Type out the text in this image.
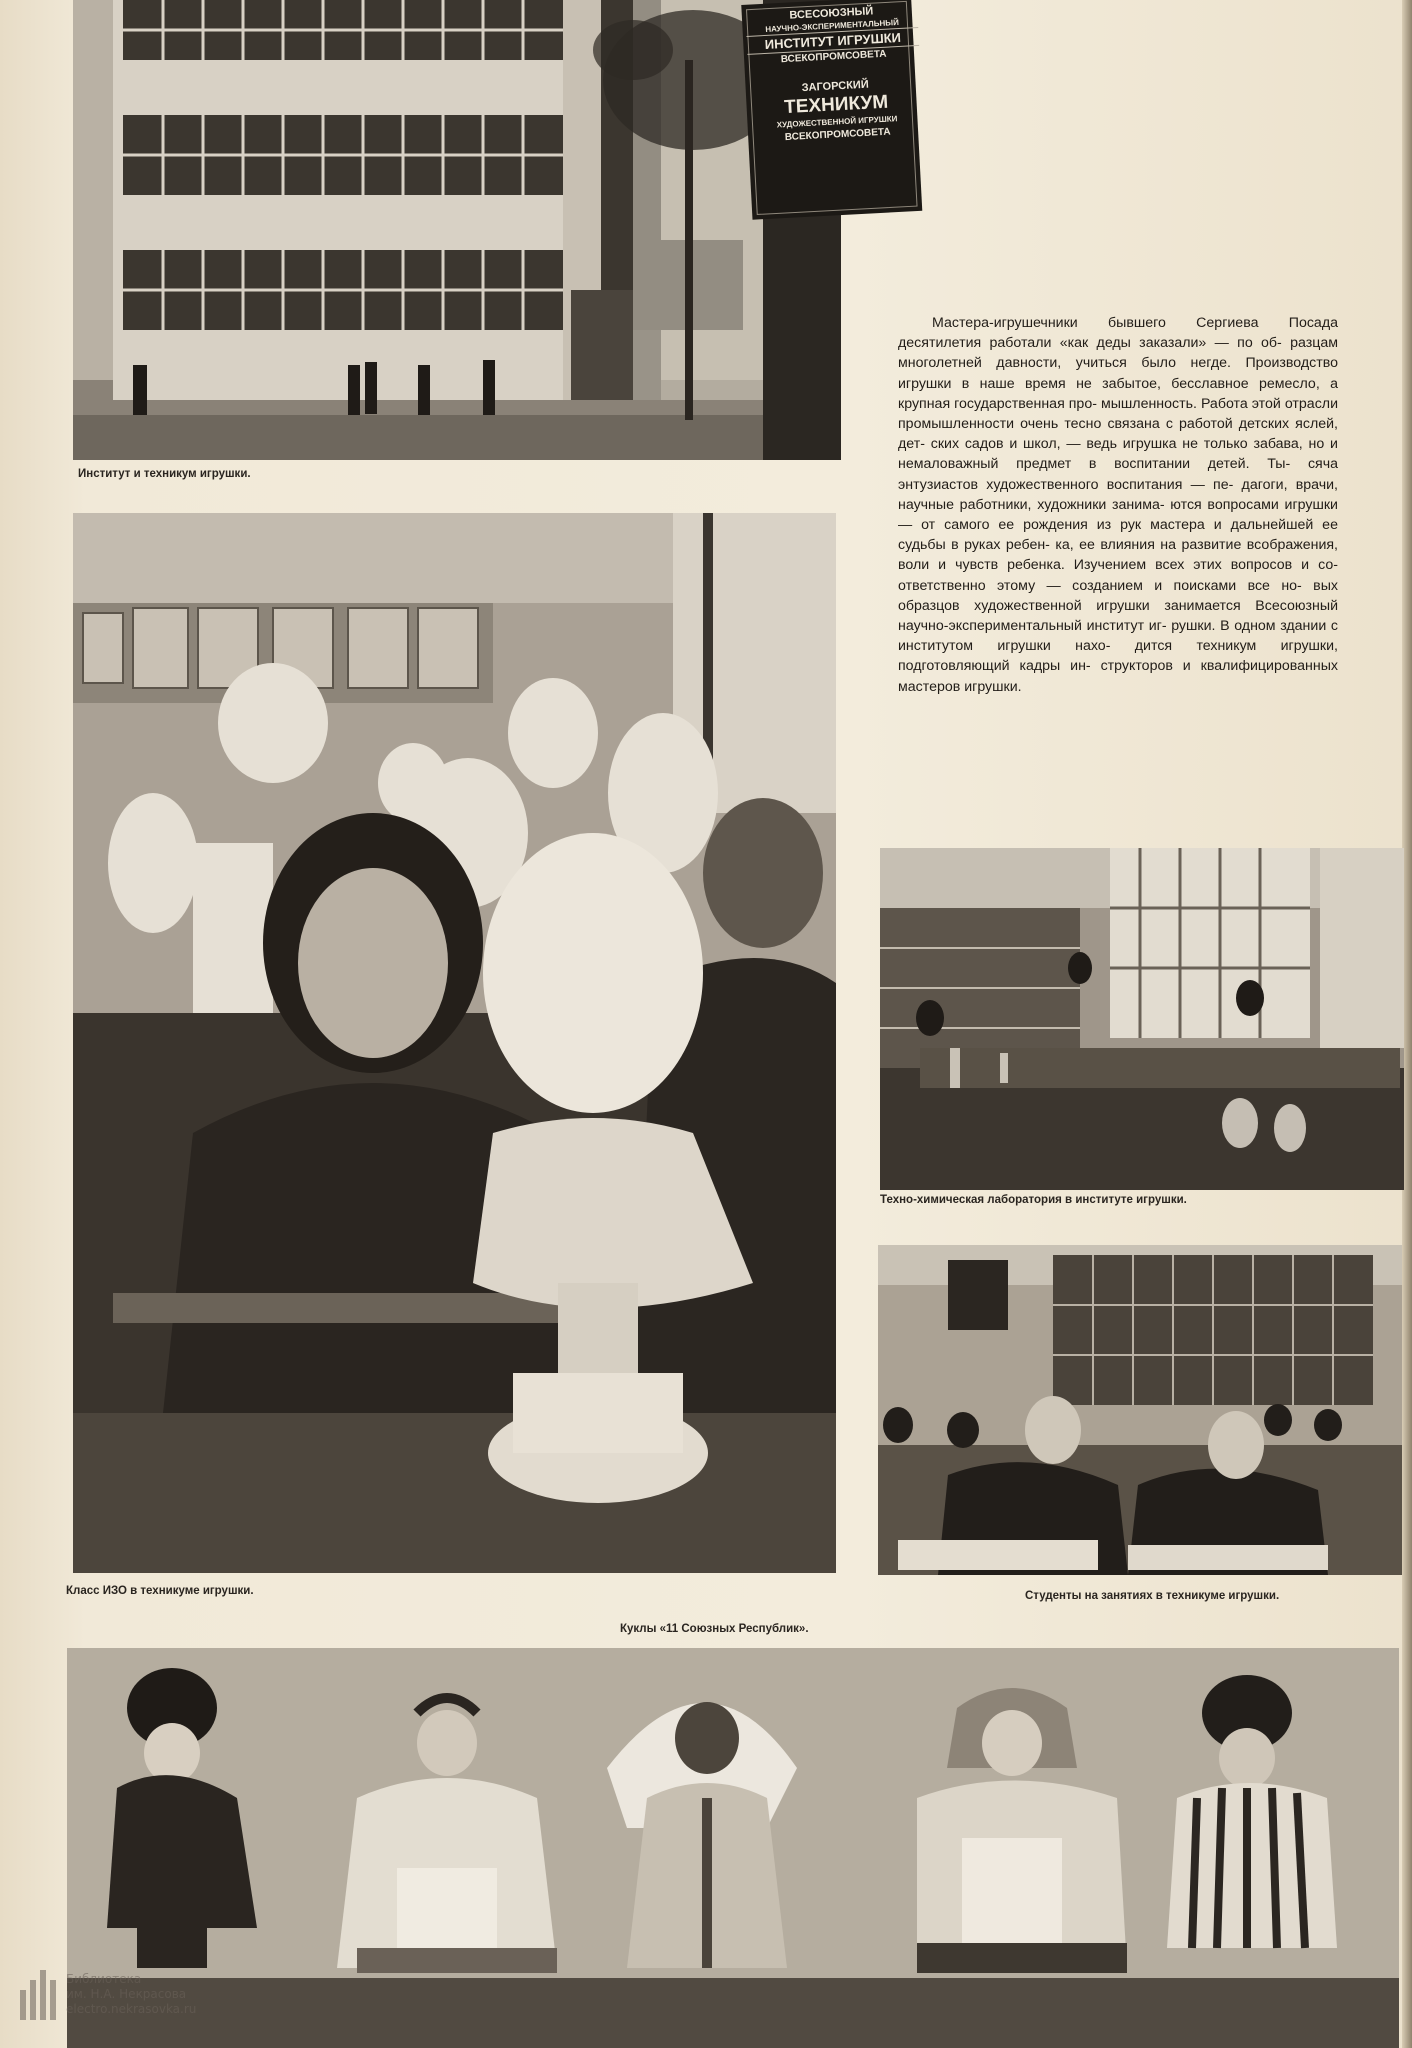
ВСЕСОЮЗНЫЙ
НАУЧНО-ЭКСПЕРИМЕНТАЛЬНЫЙ
ИНСТИТУТ ИГРУШКИ
ВСЕКОПРОМСОВЕТА
ЗАГОРСКИЙ
ТЕХНИКУМ
ХУДОЖЕСТВЕННОЙ ИГРУШКИ
ВСЕКОПРОМСОВЕТА
Институт и техникум игрушки.
Класс ИЗО в техникуме игрушки.
Техно-химическая лаборатория в институте игрушки.
Студенты на занятиях в техникуме игрушки.
Куклы «11 Союзных Республик».

Мастера-игрушечники бывшего Сергиева Посада десятилетия работали «как деды заказали» — по об- разцам многолетней давности, учиться было негде. Производство игрушки в наше время не забытое, бесславное ремесло, а крупная государственная про- мышленность. Работа этой отрасли промышленности очень тесно связана с работой детских яслей, дет- ских садов и школ, — ведь игрушка не только забава, но и немаловажный предмет в воспитании детей. Ты- сяча энтузиастов художественного воспитания — пе- дагоги, врачи, научные работники, художники занима- ются вопросами игрушки — от самого ее рождения из рук мастера и дальнейшей ее судьбы в руках ребен- ка, ее влияния на развитие всображения, воли и чувств ребенка. Изучением всех этих вопросов и со- ответственно этому — созданием и поисками все но- вых образцов художественной игрушки занимается Всесоюзный научно-экспериментальный институт иг- рушки. В одном здании с институтом игрушки нахо- дится техникум игрушки, подготовляющий кадры ин- структоров и квалифицированных мастеров игрушки.

Библиотека
им. Н.А. Некрасова
electro.nekrasovka.ru
